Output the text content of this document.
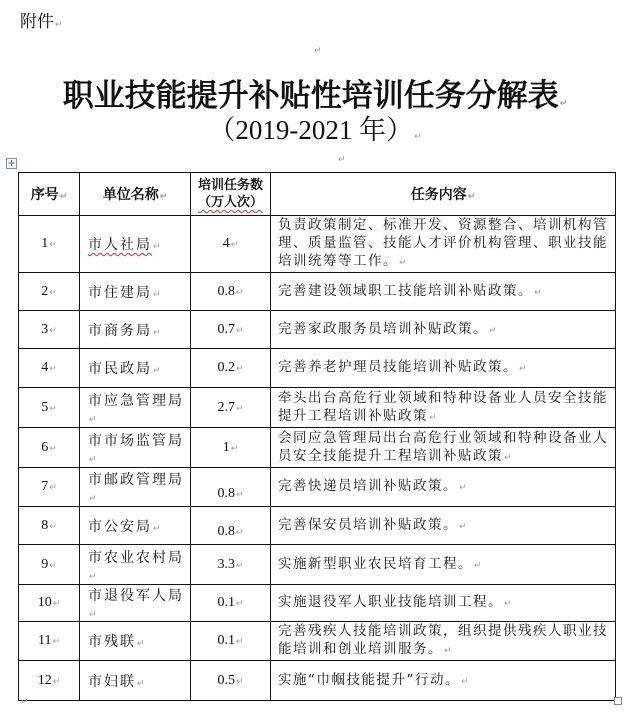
附件↵
↵
职业技能提升补贴性培训任务分解表↵
（2019-2021 年）↵
↵
✛
序号↵	单位名称↵	培训任务数
（万人次）	任务内容↵
1↵	市人社局↵	4↵	负责政策制定、标准开发、资源整合、培训机构管理、质量监管、技能人才评价机构管理、职业技能培训统筹等工作。↵
2↵	市住建局↵	0.8↵	完善建设领域职工技能培训补贴政策。↵
3↵	市商务局↵	0.7↵	完善家政服务员培训补贴政策。↵
4↵	市民政局↵	0.2↵	完善养老护理员技能培训补贴政策。↵
5↵	市应急管理局↵	2.7↵	牵头出台高危行业领域和特种设备业人员安全技能提升工程培训补贴政策↵
6↵	市市场监管局↵	1↵	会同应急管理局出台高危行业领域和特种设备业人员安全技能提升工程培训补贴政策↵
7↵	市邮政管理局↵	0.8↵	完善快递员培训补贴政策。↵
8↵	市公安局↵	0.8↵	完善保安员培训补贴政策。↵
9↵	市农业农村局↵	3.3↵	实施新型职业农民培育工程。↵
10↵	市退役军人局↵	0.1↵	实施退役军人职业技能培训工程。↵
11↵	市残联↵	0.1↵	完善残疾人技能培训政策，组织提供残疾人职业技能培训和创业培训服务。↵
12↵	市妇联↵	0.5↵	实施“巾帼技能提升”行动。↵
↵
